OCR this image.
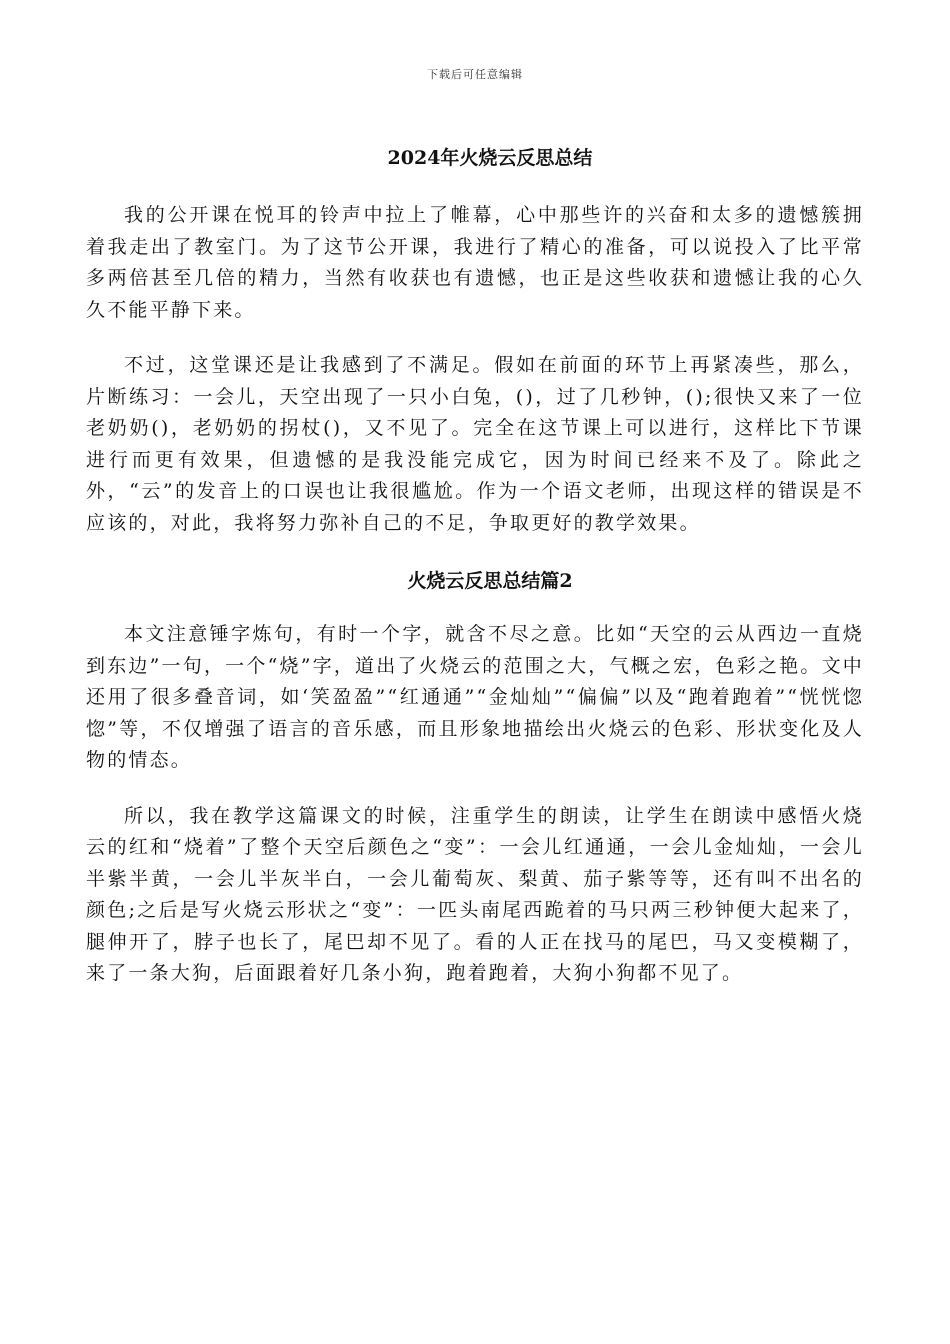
下载后可任意编辑
2024年火烧云反思总结

我的公开课在悦耳的铃声中拉上了帷幕，心中那些许的兴奋和太多的遗憾簇拥着我走出了教室门。为了这节公开课，我进行了精心的准备，可以说投入了比平常多两倍甚至几倍的精力，当然有收获也有遗憾，也正是这些收获和遗憾让我的心久久不能平静下来。

不过，这堂课还是让我感到了不满足。假如在前面的环节上再紧凑些，那么，片断练习：一会儿，天空出现了一只小白兔，()，过了几秒钟，();很快又来了一位老奶奶()，老奶奶的拐杖()，又不见了。完全在这节课上可以进行，这样比下节课进行而更有效果，但遗憾的是我没能完成它，因为时间已经来不及了。除此之外，“云”的发音上的口误也让我很尴尬。作为一个语文老师，出现这样的错误是不应该的，对此，我将努力弥补自己的不足，争取更好的教学效果。

火烧云反思总结篇2

本文注意锤字炼句，有时一个字，就含不尽之意。比如“天空的云从西边一直烧到东边”一句，一个“烧”字，道出了火烧云的范围之大，气概之宏，色彩之艳。文中还用了很多叠音词，如‘笑盈盈”“红通通”“金灿灿”“偏偏”以及“跑着跑着”“恍恍惚惚”等，不仅增强了语言的音乐感，而且形象地描绘出火烧云的色彩、形状变化及人物的情态。

所以，我在教学这篇课文的时候，注重学生的朗读，让学生在朗读中感悟火烧云的红和“烧着”了整个天空后颜色之“变”：一会儿红通通，一会儿金灿灿，一会儿半紫半黄，一会儿半灰半白，一会儿葡萄灰、梨黄、茄子紫等等，还有叫不出名的颜色;之后是写火烧云形状之“变”：一匹头南尾西跪着的马只两三秒钟便大起来了，腿伸开了，脖子也长了，尾巴却不见了。看的人正在找马的尾巴，马又变模糊了，来了一条大狗，后面跟着好几条小狗，跑着跑着，大狗小狗都不见了。
